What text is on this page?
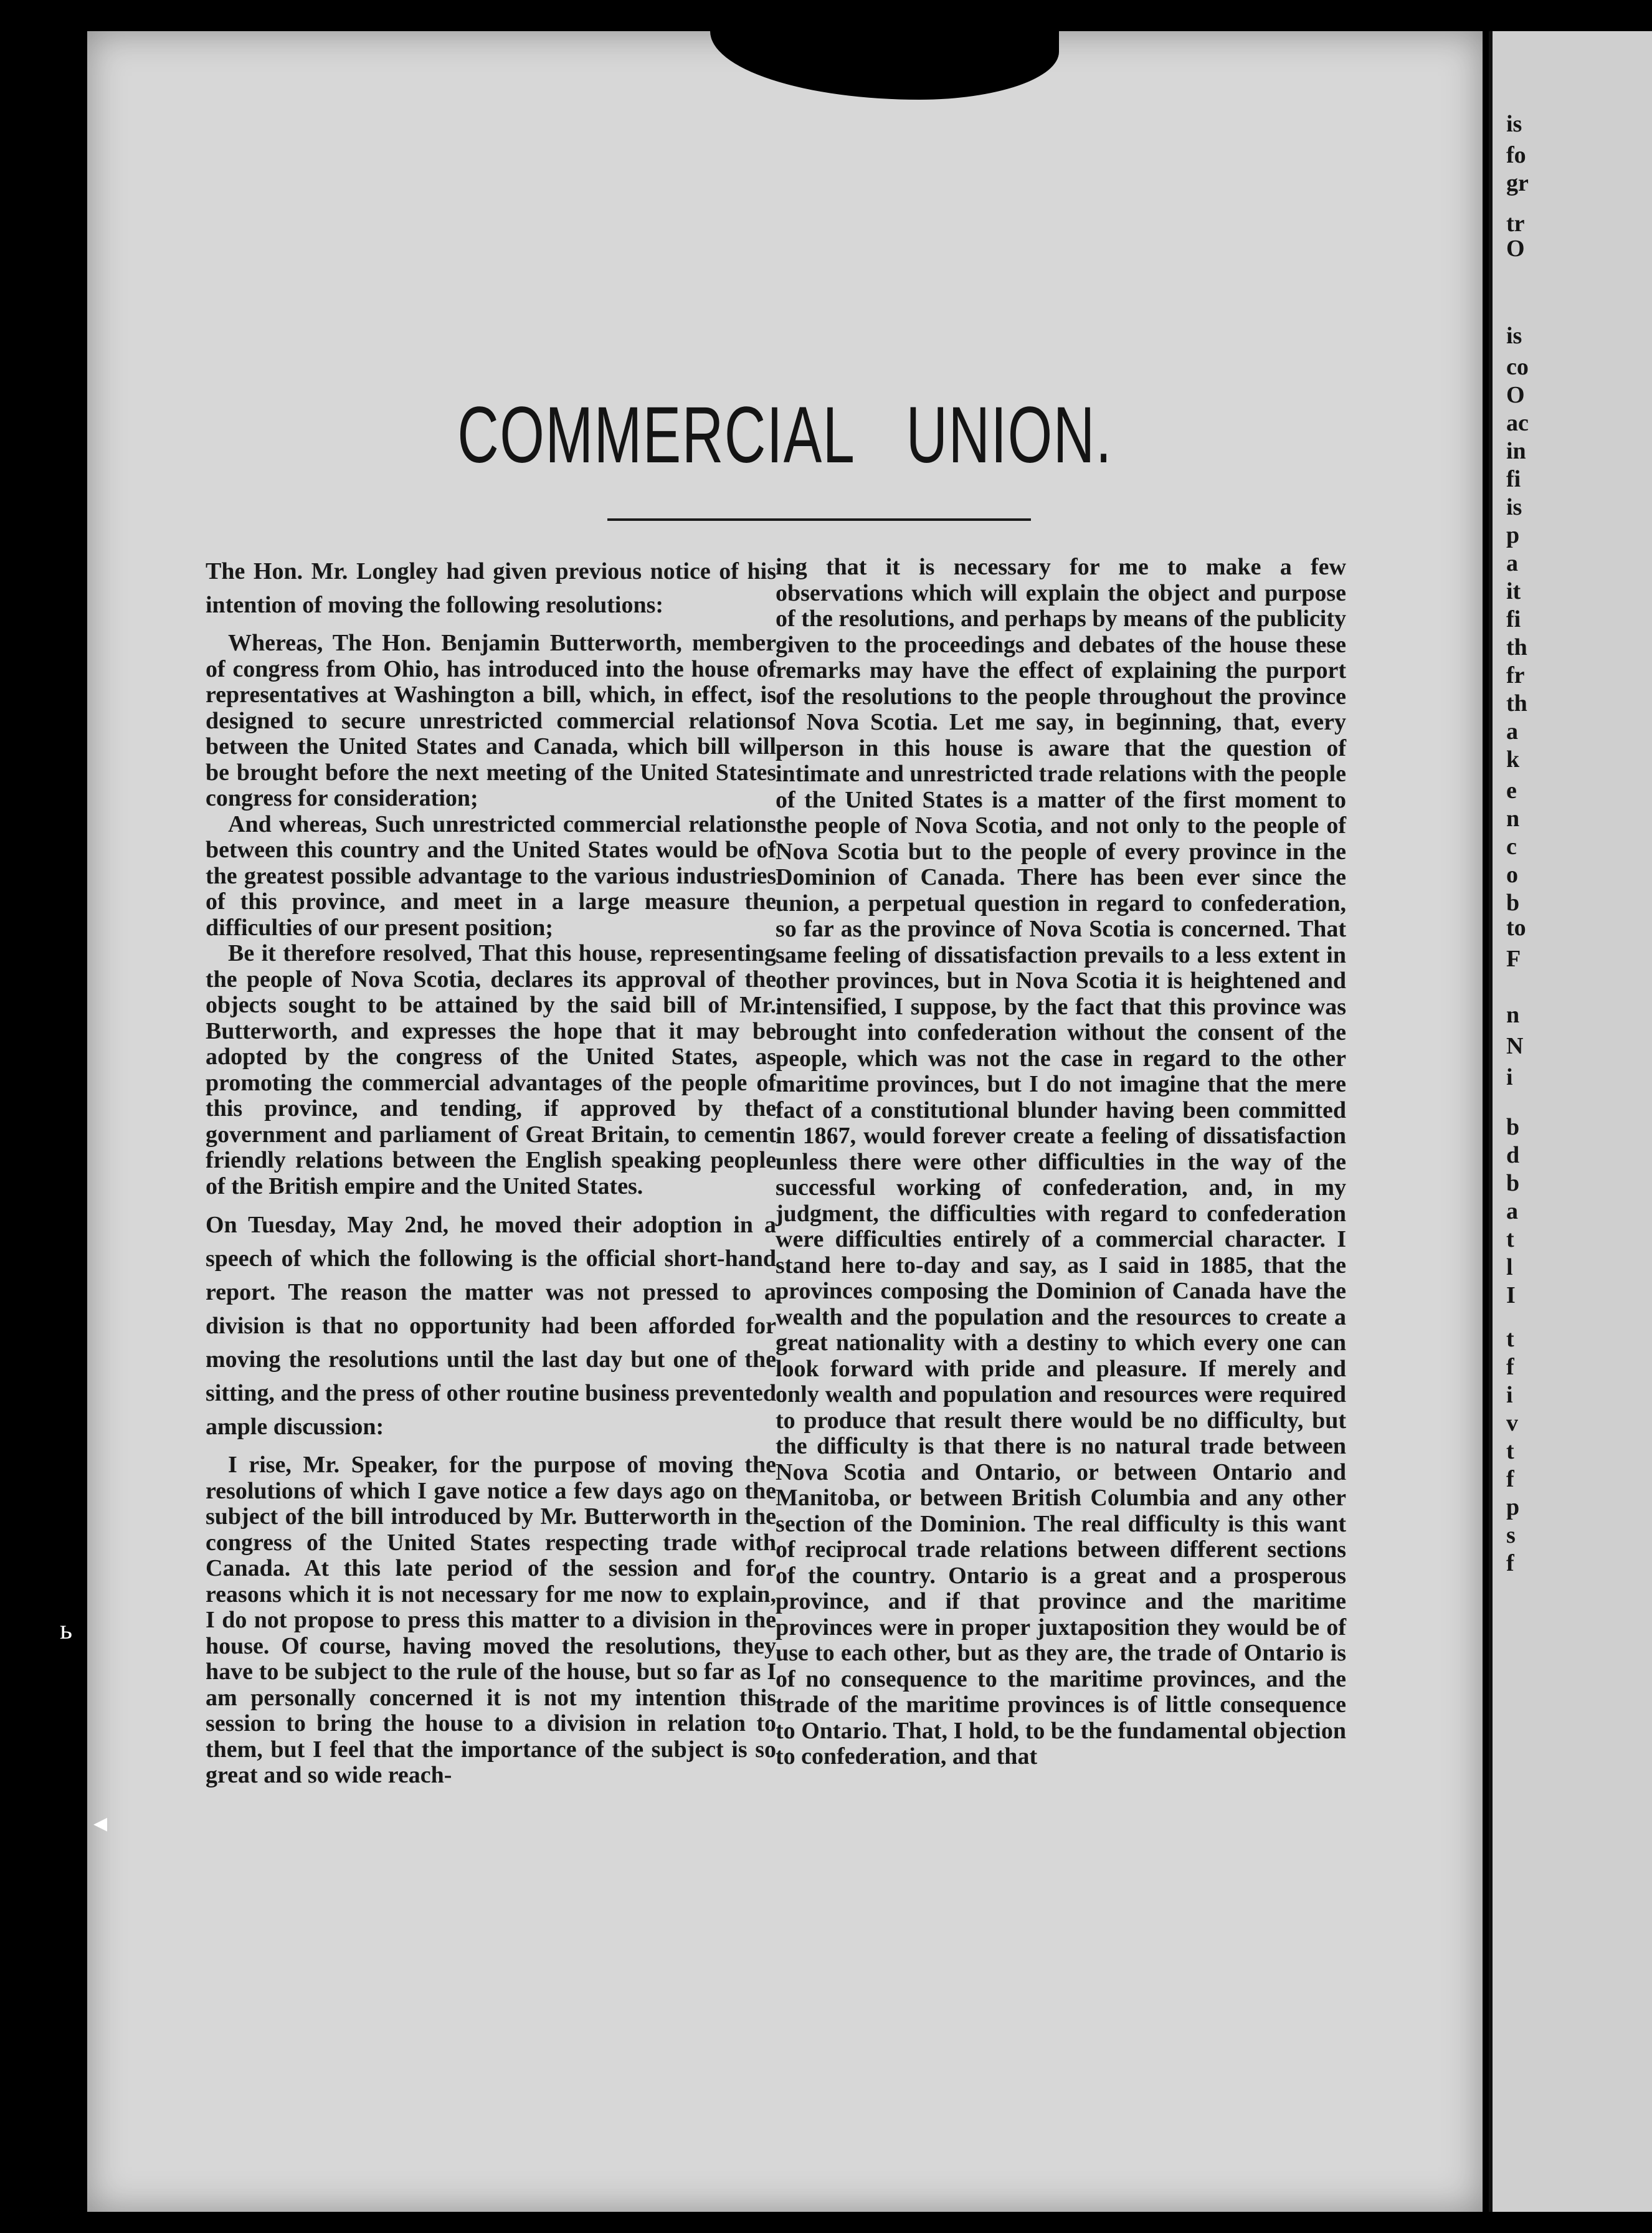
COMMERCIAL UNION.

The Hon. Mr. Longley had given previous notice of his intention of moving the following resolutions:

Whereas, The Hon. Benjamin Butterworth, member of congress from Ohio, has introduced into the house of representatives at Washington a bill, which, in effect, is designed to secure unrestricted commercial relations between the United States and Canada, which bill will be brought before the next meeting of the United States congress for consideration;

And whereas, Such unrestricted commercial relations between this country and the United States would be of the greatest possible advantage to the various industries of this province, and meet in a large measure the difficulties of our present position;

Be it therefore resolved, That this house, representing the people of Nova Scotia, declares its approval of the objects sought to be attained by the said bill of Mr. Butterworth, and expresses the hope that it may be adopted by the congress of the United States, as promoting the commercial advantages of the people of this province, and tending, if approved by the government and parliament of Great Britain, to cement friendly relations between the English speaking people of the British empire and the United States.

On Tuesday, May 2nd, he moved their adoption in a speech of which the following is the official short-hand report. The reason the matter was not pressed to a division is that no opportunity had been afforded for moving the resolutions until the last day but one of the sitting, and the press of other routine business prevented ample discussion:

I rise, Mr. Speaker, for the purpose of moving the resolutions of which I gave notice a few days ago on the subject of the bill introduced by Mr. Butterworth in the congress of the United States respecting trade with Canada. At this late period of the session and for reasons which it is not necessary for me now to explain, I do not propose to press this matter to a division in the house. Of course, having moved the resolutions, they have to be subject to the rule of the house, but so far as I am personally concerned it is not my intention this session to bring the house to a division in relation to them, but I feel that the importance of the subject is so great and so wide reach-

ing that it is necessary for me to make a few observations which will explain the object and purpose of the resolutions, and perhaps by means of the publicity given to the proceedings and debates of the house these remarks may have the effect of explaining the purport of the resolutions to the people throughout the province of Nova Scotia. Let me say, in beginning, that, every person in this house is aware that the question of intimate and unrestricted trade relations with the people of the United States is a matter of the first moment to the people of Nova Scotia, and not only to the people of Nova Scotia but to the people of every province in the Dominion of Canada. There has been ever since the union, a perpetual question in regard to confederation, so far as the province of Nova Scotia is concerned. That same feeling of dissatisfaction prevails to a less extent in other provinces, but in Nova Scotia it is heightened and intensified, I suppose, by the fact that this province was brought into confederation without the consent of the people, which was not the case in regard to the other maritime provinces, but I do not imagine that the mere fact of a constitutional blunder having been committed in 1867, would forever create a feeling of dissatisfaction unless there were other difficulties in the way of the successful working of confederation, and, in my judgment, the difficulties with regard to confederation were difficulties entirely of a commercial character. I stand here to-day and say, as I said in 1885, that the provinces composing the Dominion of Canada have the wealth and the population and the resources to create a great nationality with a destiny to which every one can look forward with pride and pleasure. If merely and only wealth and population and resources were required to produce that result there would be no difficulty, but the difficulty is that there is no natural trade between Nova Scotia and Ontario, or between Ontario and Manitoba, or between British Columbia and any other section of the Dominion. The real difficulty is this want of reciprocal trade relations between different sections of the country. Ontario is a great and a prosperous province, and if that province and the maritime provinces were in proper juxtaposition they would be of use to each other, but as they are, the trade of Ontario is of no consequence to the maritime provinces, and the trade of the maritime provinces is of little consequence to Ontario. That, I hold, to be the fundamental objection to confederation, and that

is
fo
gr
tr
O
is
co
O
ac
in
fi
is
p
a
it
fi
th
fr
th
a
k
e
n
c
o
b
to
F
n
N
i
b
d
b
a
t
l
I
t
f
i
v
t
f
p
s
f
ь
◂
